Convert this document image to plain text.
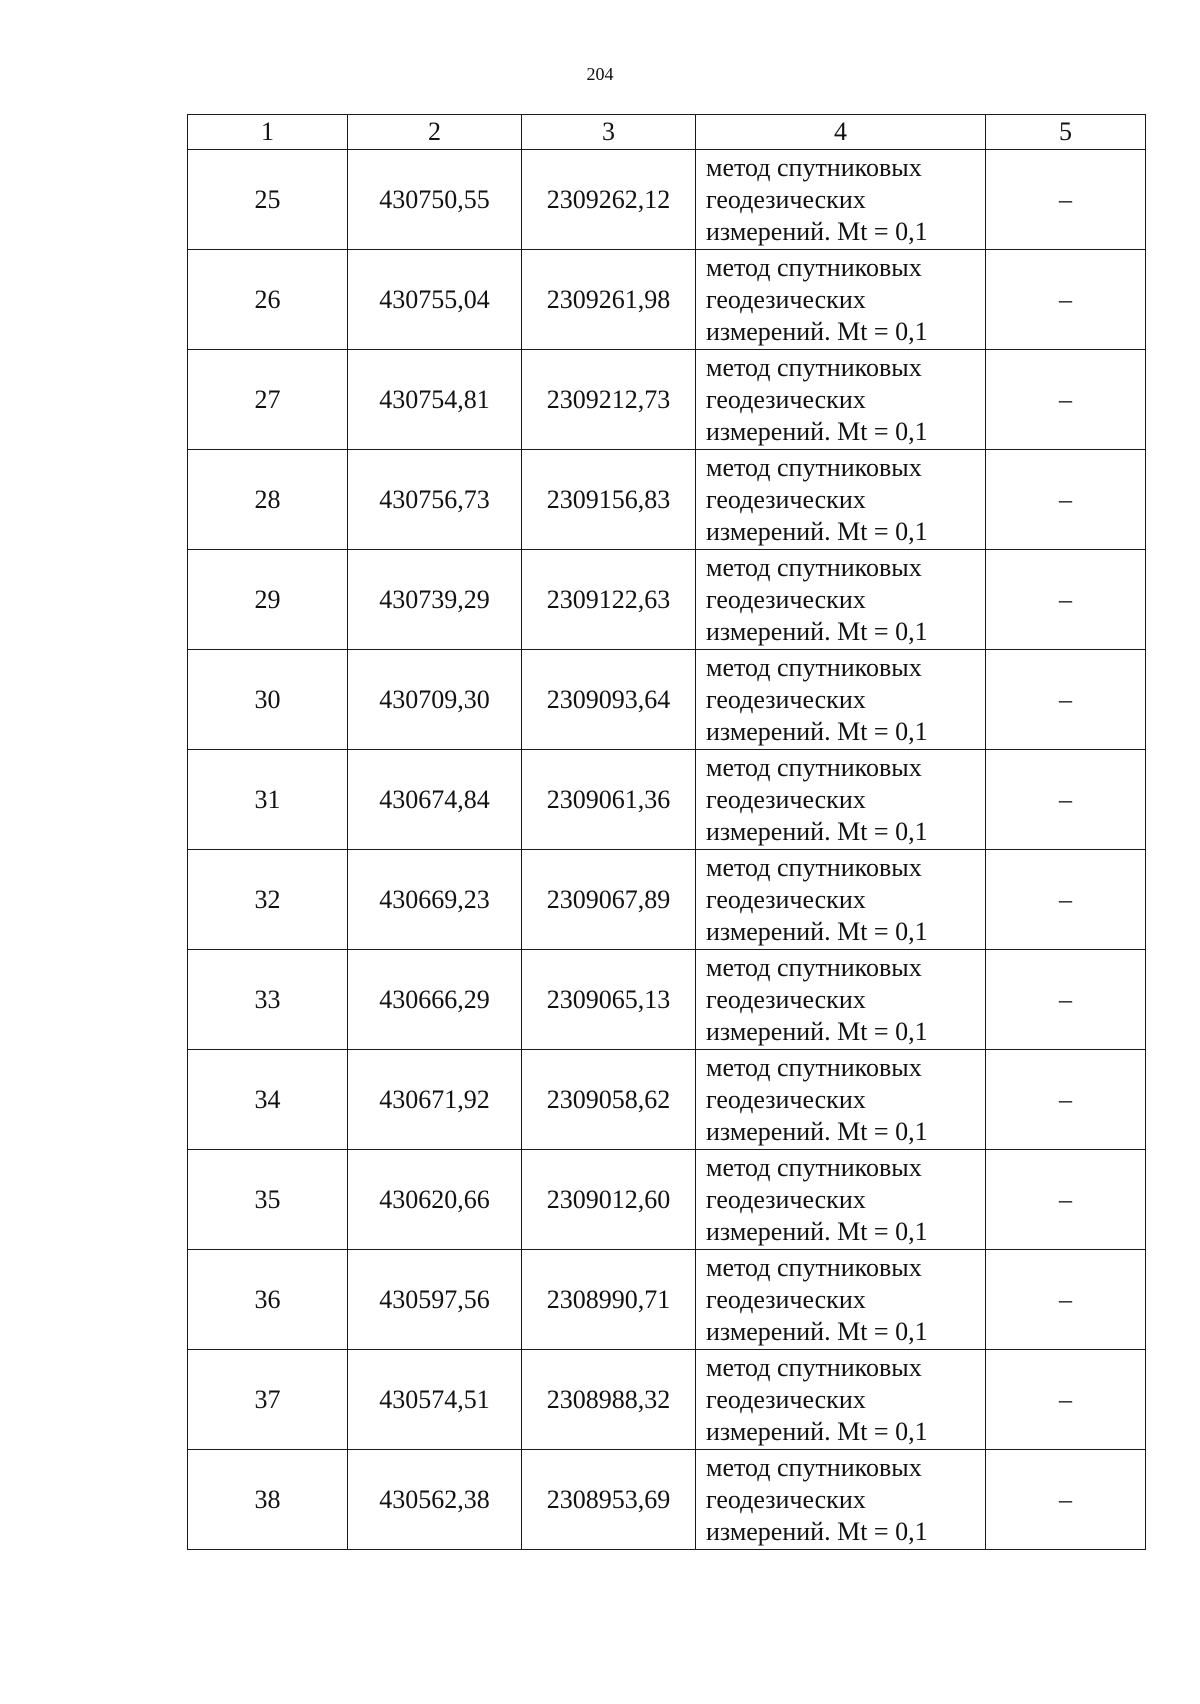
204
1	2	3	4	5
25	430750,55	2309262,12	метод спутниковых
геодезических
измерений. Mt = 0,1	–
26	430755,04	2309261,98	метод спутниковых
геодезических
измерений. Mt = 0,1	–
27	430754,81	2309212,73	метод спутниковых
геодезических
измерений. Mt = 0,1	–
28	430756,73	2309156,83	метод спутниковых
геодезических
измерений. Mt = 0,1	–
29	430739,29	2309122,63	метод спутниковых
геодезических
измерений. Mt = 0,1	–
30	430709,30	2309093,64	метод спутниковых
геодезических
измерений. Mt = 0,1	–
31	430674,84	2309061,36	метод спутниковых
геодезических
измерений. Mt = 0,1	–
32	430669,23	2309067,89	метод спутниковых
геодезических
измерений. Mt = 0,1	–
33	430666,29	2309065,13	метод спутниковых
геодезических
измерений. Mt = 0,1	–
34	430671,92	2309058,62	метод спутниковых
геодезических
измерений. Mt = 0,1	–
35	430620,66	2309012,60	метод спутниковых
геодезических
измерений. Mt = 0,1	–
36	430597,56	2308990,71	метод спутниковых
геодезических
измерений. Mt = 0,1	–
37	430574,51	2308988,32	метод спутниковых
геодезических
измерений. Mt = 0,1	–
38	430562,38	2308953,69	метод спутниковых
геодезических
измерений. Mt = 0,1	–
